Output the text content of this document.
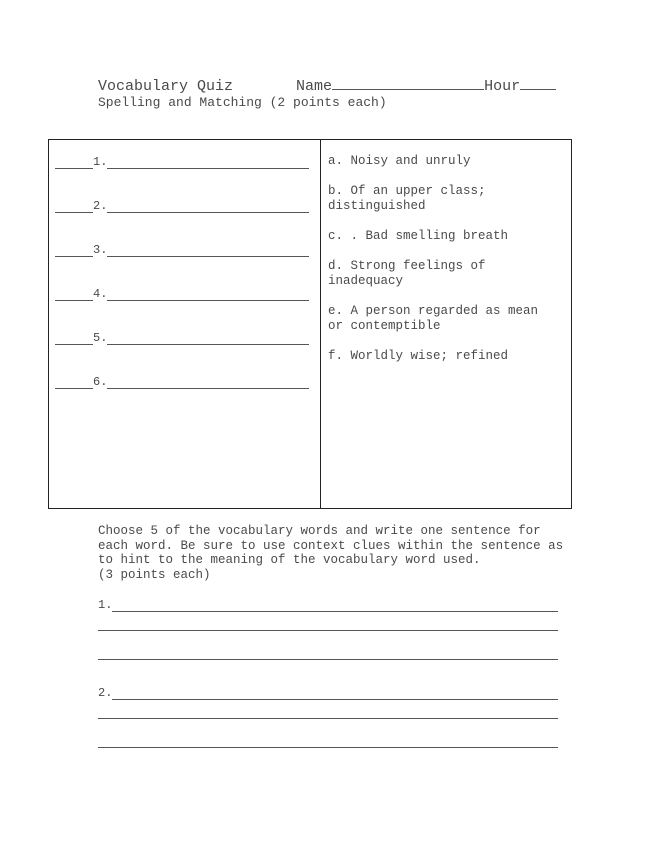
Vocabulary Quiz	Name	Hour
Spelling and Matching (2 points each)
1.
2.
3.
4.
5.
6.
a. Noisy and unruly
b. Of an upper class; distinguished
c. . Bad smelling breath
d. Strong feelings of inadequacy
e. A person regarded as mean or contemptible
f. Worldly wise; refined
Choose 5 of the vocabulary words and write one sentence for each word. Be sure to use context clues within the sentence as to hint to the meaning of the vocabulary word used.
(3 points each)
1.
2.
